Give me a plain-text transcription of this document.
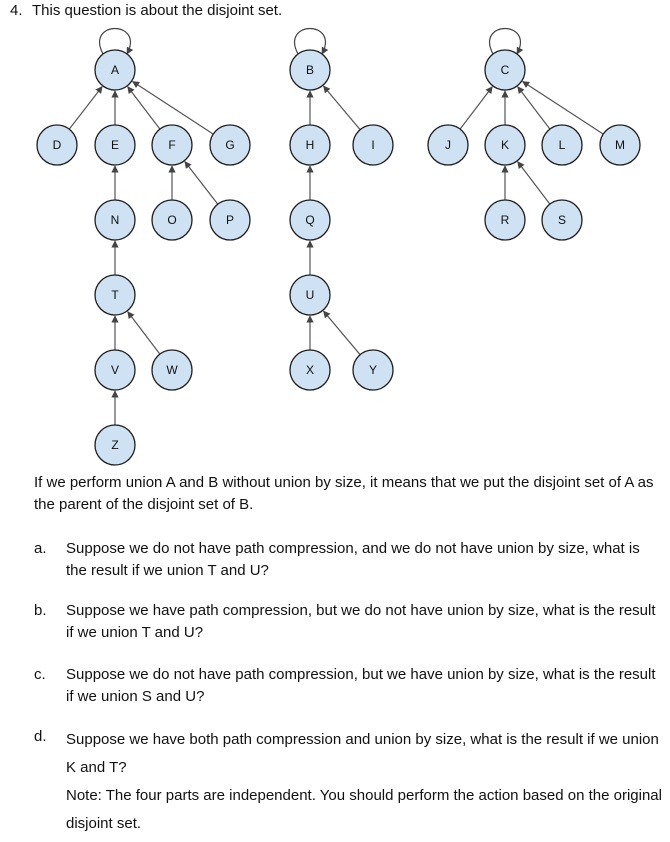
4. This question is about the disjoint set.
A	B	C
D	E	F	G	H	I	J	K	L	M
N	O	P	Q	R	S
T	U
V	W	X	Y
Z
If we perform union A and B without union by size, it means that we put the disjoint set of A as the parent of the disjoint set of B.
a. Suppose we do not have path compression, and we do not have union by size, what is the result if we union T and U?
b. Suppose we have path compression, but we do not have union by size, what is the result if we union T and U?
c. Suppose we do not have path compression, but we have union by size, what is the result if we union S and U?
d. Suppose we have both path compression and union by size, what is the result if we union K and T?
Note: The four parts are independent. You should perform the action based on the original disjoint set.
